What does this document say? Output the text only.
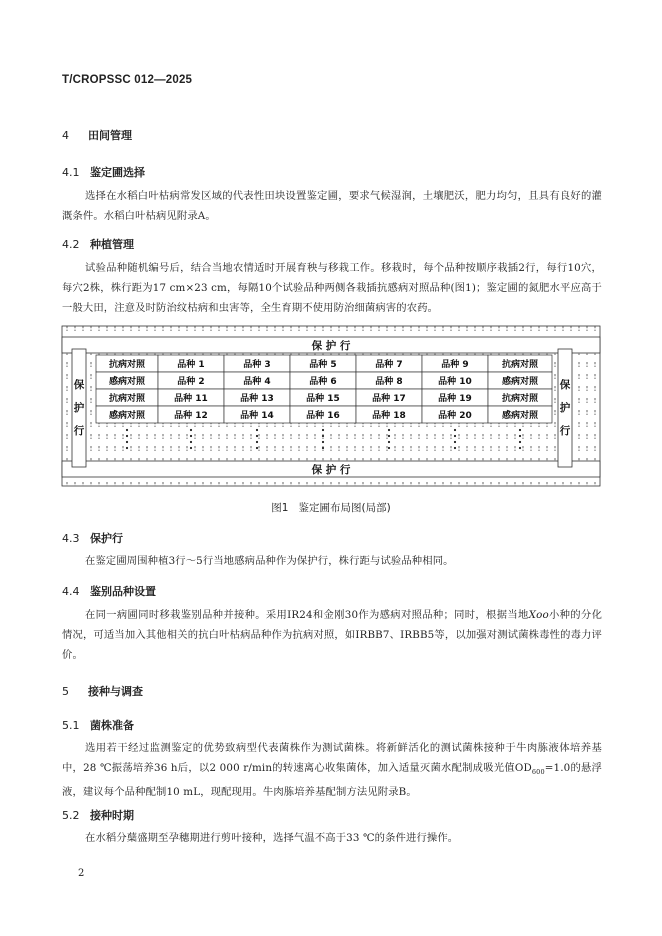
T/CROPSSC 012—2025
4 田间管理
4.1 鉴定圃选择
选择在水稻白叶枯病常发区域的代表性田块设置鉴定圃，要求气候湿润，土壤肥沃，肥力均匀，且具有良好的灌溉条件。水稻白叶枯病见附录A。
4.2 种植管理
试验品种随机编号后，结合当地农情适时开展育秧与移栽工作。移栽时，每个品种按顺序栽插2行，每行10穴，每穴2株，株行距为17 cm×23 cm，每隔10个试验品种两侧各栽插抗感病对照品种(图1)；鉴定圃的氮肥水平应高于一般大田，注意及时防治纹枯病和虫害等，全生育期不使用防治细菌病害的农药。
抗病对照	品种 1	品种 3	品种 5	品种 7	品种 9	抗病对照
感病对照	品种 2	品种 4	品种 6	品种 8	品种 10	感病对照
抗病对照	品种 11	品种 13	品种 15	品种 17	品种 19	抗病对照
感病对照	品种 12	品种 14	品种 16	品种 18	品种 20	感病对照
保 护 行
保 护 行
保
护
行
保
护
行
图1 鉴定圃布局图(局部)
4.3 保护行
在鉴定圃周围种植3行～5行当地感病品种作为保护行，株行距与试验品种相同。
4.4 鉴别品种设置
在同一病圃同时移栽鉴别品种并接种。采用IR24和金刚30作为感病对照品种；同时，根据当地Xoo小种的分化情况，可适当加入其他相关的抗白叶枯病品种作为抗病对照，如IRBB7、IRBB5等，以加强对测试菌株毒性的毒力评价。
5 接种与调查
5.1 菌株准备
选用若干经过监测鉴定的优势致病型代表菌株作为测试菌株。将新鲜活化的测试菌株接种于牛肉胨液体培养基中，28 ℃振荡培养36 h后，以2 000 r/min的转速离心收集菌体，加入适量灭菌水配制成吸光值$OD_{600}=1.0$的悬浮液，建议每个品种配制10 mL，现配现用。牛肉胨培养基配制方法见附录B。
5.2 接种时期
在水稻分蘖盛期至孕穗期进行剪叶接种，选择气温不高于33 ℃的条件进行操作。
2
